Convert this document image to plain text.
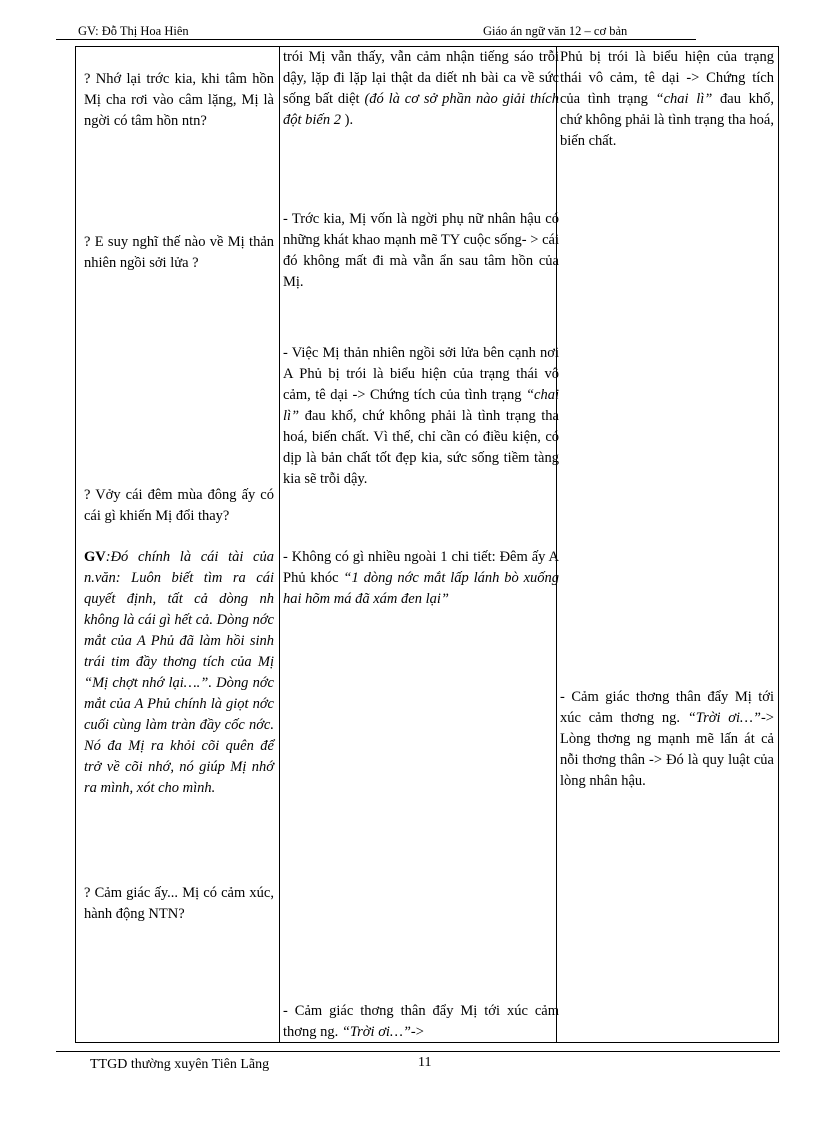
GV: Đỗ Thị Hoa Hiên	Giáo án ngữ văn 12 – cơ bản
? Nhớ lại trớc kia, khi tâm hồn Mị cha rơi vào câm lặng, Mị là ngời có tâm hồn ntn?
? E suy nghĩ thế nào về Mị thản nhiên ngồi sởi lửa ?
? Vởy cái đêm mùa đông ấy có cái gì khiến Mị đổi thay?
GV:Đó chính là cái tài của n.văn: Luôn biết tìm ra cái quyết định, tất cả dòng nh không là cái gì hết cả. Dòng nớc mắt của A Phủ đã làm hồi sinh trái tim đầy thơng tích của Mị “Mị chợt nhớ lại….”. Dòng nớc mắt của A Phủ chính là giọt nớc cuối cùng làm tràn đầy cốc nớc. Nó đa Mị ra khỏi cõi quên để trở về cõi nhớ, nó giúp Mị nhớ ra mình, xót cho mình.
? Cảm giác ấy... Mị có cảm xúc, hành động NTN?
trói Mị vẫn thấy, vẫn cảm nhận tiếng sáo trỗi dậy, lặp đi lặp lại thật da diết nh bài ca về sức sống bất diệt (đó là cơ sở phần nào giải thích đột biến 2 ).
- Trớc kia, Mị vốn là ngời phụ nữ nhân hậu có những khát khao mạnh mẽ TY cuộc sống- > cái đó không mất đi mà vẫn ẩn sau tâm hồn của Mị.
- Việc Mị thản nhiên ngồi sởi lửa bên cạnh nơi A Phủ bị trói là biểu hiện của trạng thái vô cảm, tê dại -> Chứng tích của tình trạng “chai lì” đau khổ, chứ không phải là tình trạng tha hoá, biến chất. Vì thế, chỉ cần có điều kiện, có dịp là bản chất tốt đẹp kia, sức sống tiềm tàng kia sẽ trỗi dậy.
- Không có gì nhiều ngoài 1 chi tiết: Đêm ấy A Phủ khóc “1 dòng nớc mắt lấp lánh bò xuống hai hõm má đã xám đen lại”
- Cảm giác thơng thân đẩy Mị tới xúc cảm thơng ng. “Trời ơi…”->
Phủ bị trói là biểu hiện của trạng thái vô cảm, tê dại -> Chứng tích của tình trạng “chai lì” đau khổ, chứ không phải là tình trạng tha hoá, biến chất.
- Cảm giác thơng thân đẩy Mị tới xúc cảm thơng ng. “Trời ơi…”-> Lòng thơng ng mạnh mẽ lấn át cả nỗi thơng thân -> Đó là quy luật của lòng nhân hậu.
TTGD thường xuyên Tiên Lãng	11
